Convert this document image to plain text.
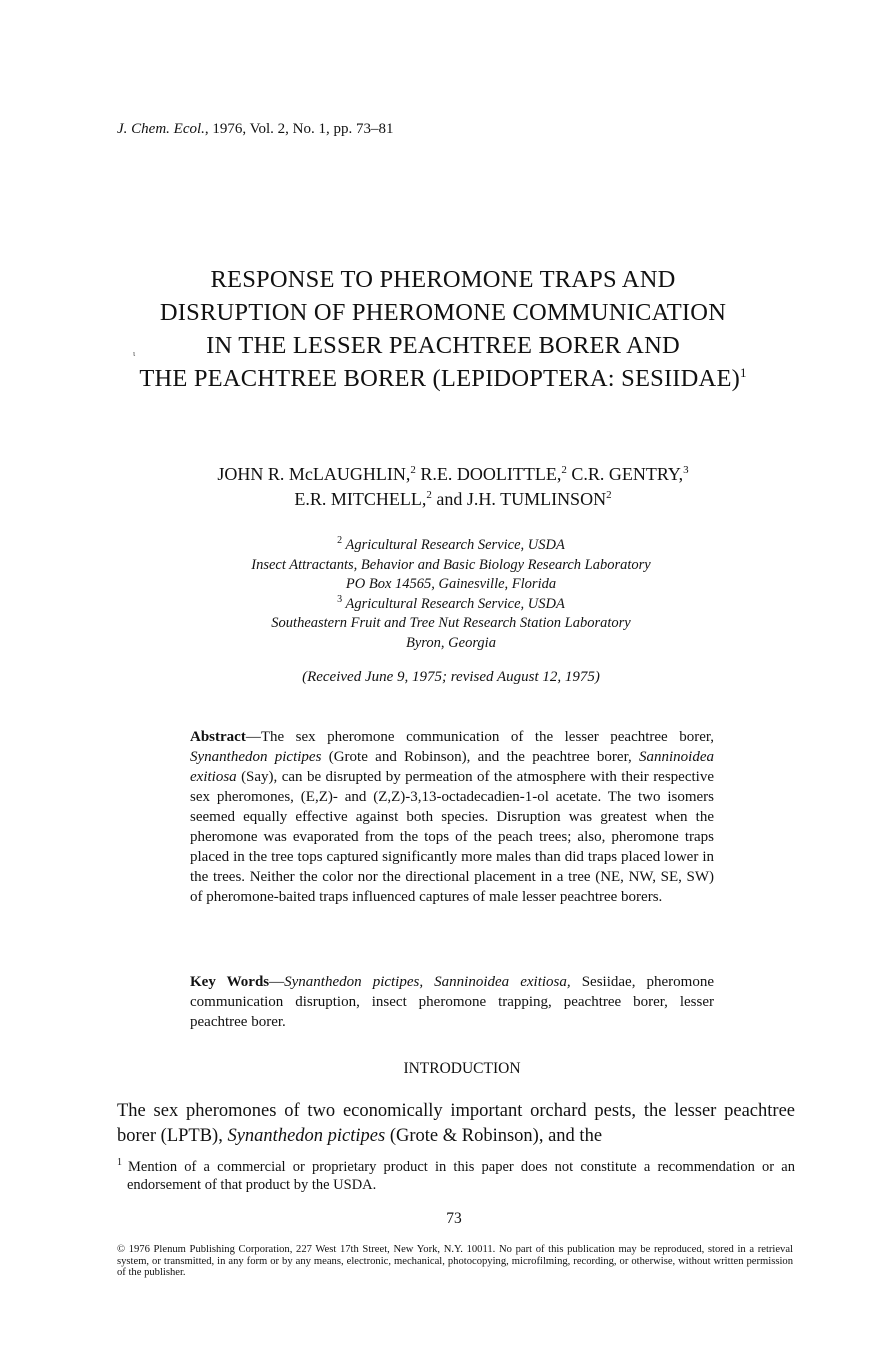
J. Chem. Ecol., 1976, Vol. 2, No. 1, pp. 73–81
RESPONSE TO PHEROMONE TRAPS AND
DISRUPTION OF PHEROMONE COMMUNICATION
IN THE LESSER PEACHTREE BORER AND
THE PEACHTREE BORER (LEPIDOPTERA: SESIIDAE)$^1$
ι
JOHN R. McLAUGHLIN,$^2$ R.E. DOOLITTLE,$^2$ C.R. GENTRY,$^3$
E.R. MITCHELL,$^2$ and J.H. TUMLINSON$^2$
$^2$ Agricultural Research Service, USDA
Insect Attractants, Behavior and Basic Biology Research Laboratory
PO Box 14565, Gainesville, Florida
$^3$ Agricultural Research Service, USDA
Southeastern Fruit and Tree Nut Research Station Laboratory
Byron, Georgia
(Received June 9, 1975; revised August 12, 1975)
Abstract—The sex pheromone communication of the lesser peachtree borer, Synanthedon pictipes (Grote and Robinson), and the peachtree borer, Sanninoidea exitiosa (Say), can be disrupted by permeation of the atmosphere with their respective sex pheromones, (E,Z)- and (Z,Z)-3,13-octadecadien-1-ol acetate. The two isomers seemed equally effective against both species. Disruption was greatest when the pheromone was evaporated from the tops of the peach trees; also, pheromone traps placed in the tree tops captured significantly more males than did traps placed lower in the trees. Neither the color nor the directional placement in a tree (NE, NW, SE, SW) of pheromone-baited traps influenced captures of male lesser peachtree borers.
Key Words—Synanthedon pictipes, Sanninoidea exitiosa, Sesiidae, pheromone communication disruption, insect pheromone trapping, peachtree borer, lesser peachtree borer.
INTRODUCTION
The sex pheromones of two economically important orchard pests, the lesser peachtree borer (LPTB), Synanthedon pictipes (Grote & Robinson), and the
$^1$ Mention of a commercial or proprietary product in this paper does not constitute a recommendation or an endorsement of that product by the USDA.
73
© 1976 Plenum Publishing Corporation, 227 West 17th Street, New York, N.Y. 10011. No part of this publication may be reproduced, stored in a retrieval system, or transmitted, in any form or by any means, electronic, mechanical, photocopying, microfilming, recording, or otherwise, without written permission of the publisher.
